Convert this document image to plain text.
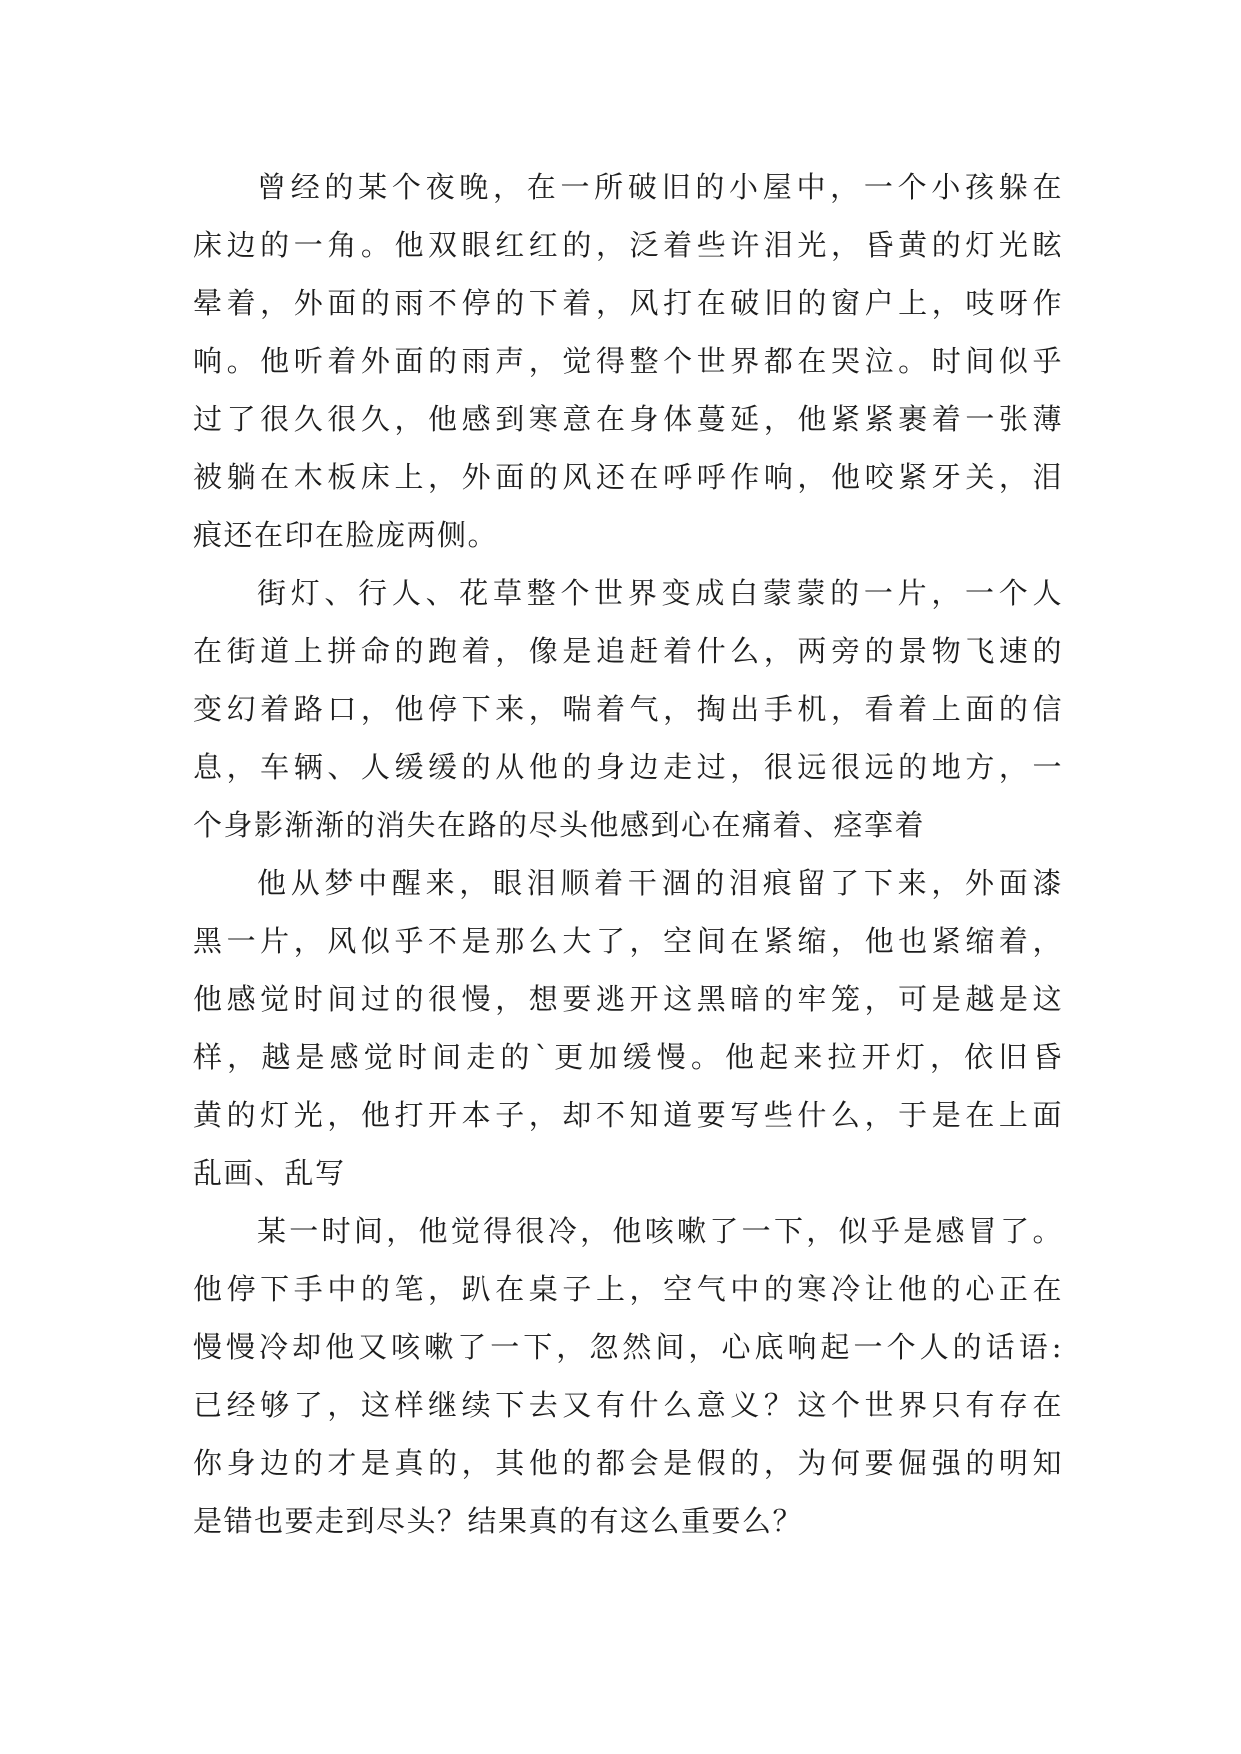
曾经的某个夜晚，在一所破旧的小屋中，一个小孩躲在
床边的一角。他双眼红红的，泛着些许泪光，昏黄的灯光眩
晕着，外面的雨不停的下着，风打在破旧的窗户上，吱呀作
响。他听着外面的雨声，觉得整个世界都在哭泣。时间似乎
过了很久很久，他感到寒意在身体蔓延，他紧紧裹着一张薄
被躺在木板床上，外面的风还在呼呼作响，他咬紧牙关，泪
痕还在印在脸庞两侧。
街灯、行人、花草整个世界变成白蒙蒙的一片，一个人
在街道上拼命的跑着，像是追赶着什么，两旁的景物飞速的
变幻着路口，他停下来，喘着气，掏出手机，看着上面的信
息，车辆、人缓缓的从他的身边走过，很远很远的地方，一
个身影渐渐的消失在路的尽头他感到心在痛着、痉挛着
他从梦中醒来，眼泪顺着干涸的泪痕留了下来，外面漆
黑一片，风似乎不是那么大了，空间在紧缩，他也紧缩着，
他感觉时间过的很慢，想要逃开这黑暗的牢笼，可是越是这
样，越是感觉时间走的`更加缓慢。他起来拉开灯，依旧昏
黄的灯光，他打开本子，却不知道要写些什么，于是在上面
乱画、乱写
某一时间，他觉得很冷，他咳嗽了一下，似乎是感冒了。
他停下手中的笔，趴在桌子上，空气中的寒冷让他的心正在
慢慢冷却他又咳嗽了一下，忽然间，心底响起一个人的话语:
已经够了，这样继续下去又有什么意义？这个世界只有存在
你身边的才是真的，其他的都会是假的，为何要倔强的明知
是错也要走到尽头？结果真的有这么重要么？
